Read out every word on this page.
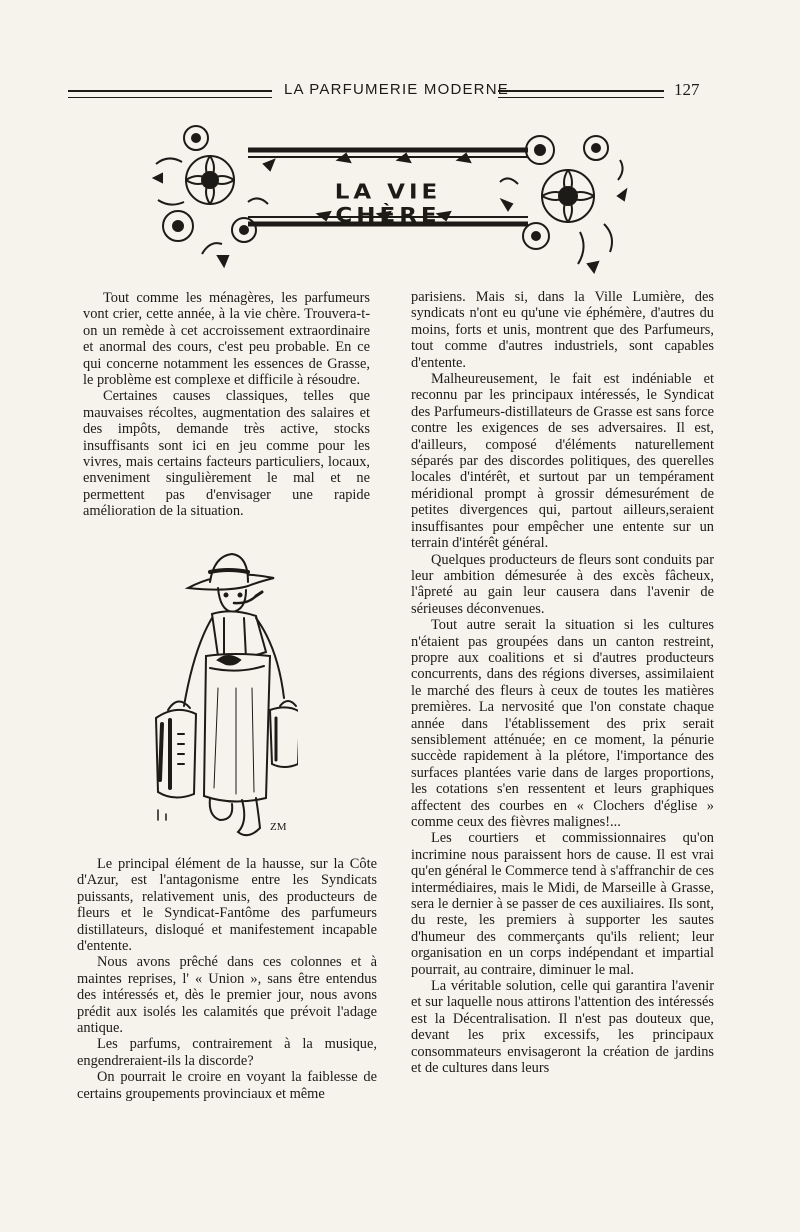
LA PARFUMERIE MODERNE	127
LA VIE CHÈRE

Tout comme les ménagères, les parfumeurs vont crier, cette année, à la vie chère. Trouvera-t-on un remède à cet accroissement extraordinaire et anormal des cours, c'est peu probable. En ce qui concerne notamment les essences de Grasse, le problème est complexe et difficile à résoudre.

Certaines causes classiques, telles que mauvaises récoltes, augmentation des salaires et des impôts, demande très active, stocks insuffisants sont ici en jeu comme pour les vivres, mais certains facteurs particuliers, locaux, enveniment singulièrement le mal et ne permettent pas d'envisager une rapide amélioration de la situation.

ZM

Le principal élément de la hausse, sur la Côte d'Azur, est l'antagonisme entre les Syndicats puissants, relativement unis, des producteurs de fleurs et le Syndicat-Fantôme des parfumeurs distillateurs, disloqué et manifestement incapable d'entente.

Nous avons prêché dans ces colonnes et à maintes reprises, l' « Union », sans être entendus des intéressés et, dès le premier jour, nous avons prédit aux isolés les calamités que prévoit l'adage antique.

Les parfums, contrairement à la musique, engendreraient-ils la discorde?

On pourrait le croire en voyant la faiblesse de certains groupements provinciaux et même

parisiens. Mais si, dans la Ville Lumière, des syndicats n'ont eu qu'une vie éphémère, d'autres du moins, forts et unis, montrent que des Parfumeurs, tout comme d'autres industriels, sont capables d'entente.

Malheureusement, le fait est indéniable et reconnu par les principaux intéressés, le Syndicat des Parfumeurs-distillateurs de Grasse est sans force contre les exigences de ses adversaires. Il est, d'ailleurs, composé d'éléments naturellement séparés par des discordes politiques, des querelles locales d'intérêt, et surtout par un tempérament méridional prompt à grossir démesurément de petites divergences qui, partout ailleurs,seraient insuffisantes pour empêcher une entente sur un terrain d'intérêt général.

Quelques producteurs de fleurs sont conduits par leur ambition démesurée à des excès fâcheux, l'âpreté au gain leur causera dans l'avenir de sérieuses déconvenues.

Tout autre serait la situation si les cultures n'étaient pas groupées dans un canton restreint, propre aux coalitions et si d'autres producteurs concurrents, dans des régions diverses, assimilaient le marché des fleurs à ceux de toutes les matières premières. La nervosité que l'on constate chaque année dans l'établissement des prix serait sensiblement atténuée; en ce moment, la pénurie succède rapidement à la plétore, l'importance des surfaces plantées varie dans de larges proportions, les cotations s'en ressentent et leurs graphiques affectent des courbes en « Clochers d'église » comme ceux des fièvres malignes!...

Les courtiers et commissionnaires qu'on incrimine nous paraissent hors de cause. Il est vrai qu'en général le Commerce tend à s'affranchir de ces intermédiaires, mais le Midi, de Marseille à Grasse, sera le dernier à se passer de ces auxiliaires. Ils sont, du reste, les premiers à supporter les sautes d'humeur des commerçants qu'ils relient; leur organisation en un corps indépendant et impartial pourrait, au contraire, diminuer le mal.

La véritable solution, celle qui garantira l'avenir et sur laquelle nous attirons l'attention des intéressés est la Décentralisation. Il n'est pas douteux que, devant les prix excessifs, les principaux consommateurs envisageront la création de jardins et de cultures dans leurs
